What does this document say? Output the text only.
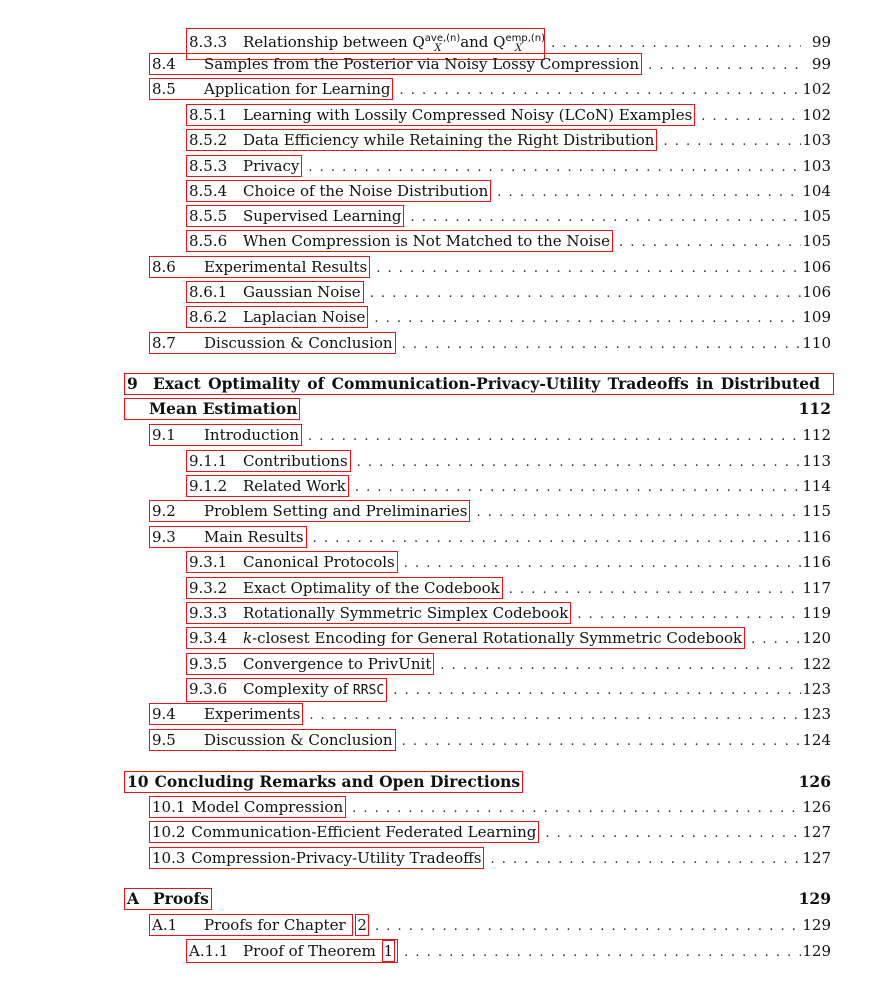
8.3.3	Relationship between $Q^{ave,(n)}_X$ and $Q^{emp,(n)}_X$ . . .	99
8.4	Samples from the Posterior via Noisy Lossy Compression . . .	99
8.5	Application for Learning . . .	102
8.5.1	Learning with Lossily Compressed Noisy (LCoN) Examples . . .	102
8.5.2	Data Efficiency while Retaining the Right Distribution . . .	103
8.5.3	Privacy . . .	103
8.5.4	Choice of the Noise Distribution . . .	104
8.5.5	Supervised Learning . . .	105
8.5.6	When Compression is Not Matched to the Noise . . .	105
8.6	Experimental Results . . .	106
8.6.1	Gaussian Noise . . .	106
8.6.2	Laplacian Noise . . .	109
8.7	Discussion & Conclusion . . .	110
9 Exact Optimality of Communication-Privacy-Utility Tradeoffs in Distributed
Mean Estimation	112
9.1	Introduction . . .	112
9.1.1	Contributions . . .	113
9.1.2	Related Work . . .	114
9.2	Problem Setting and Preliminaries . . .	115
9.3	Main Results . . .	116
9.3.1	Canonical Protocols . . .	116
9.3.2	Exact Optimality of the Codebook . . .	117
9.3.3	Rotationally Symmetric Simplex Codebook . . .	119
9.3.4	k-closest Encoding for General Rotationally Symmetric Codebook . . .	120
9.3.5	Convergence to PrivUnit . . .	122
9.3.6	Complexity of RRSC . . .	123
9.4	Experiments . . .	123
9.5	Discussion & Conclusion . . .	124
10 Concluding Remarks and Open Directions	126
10.1 Model Compression . . .	126
10.2 Communication-Efficient Federated Learning . . .	127
10.3 Compression-Privacy-Utility Tradeoffs . . .	127
A Proofs	129
A.1	Proofs for Chapter 2 . . .	129
A.1.1 Proof of Theorem 1 . . .	129
